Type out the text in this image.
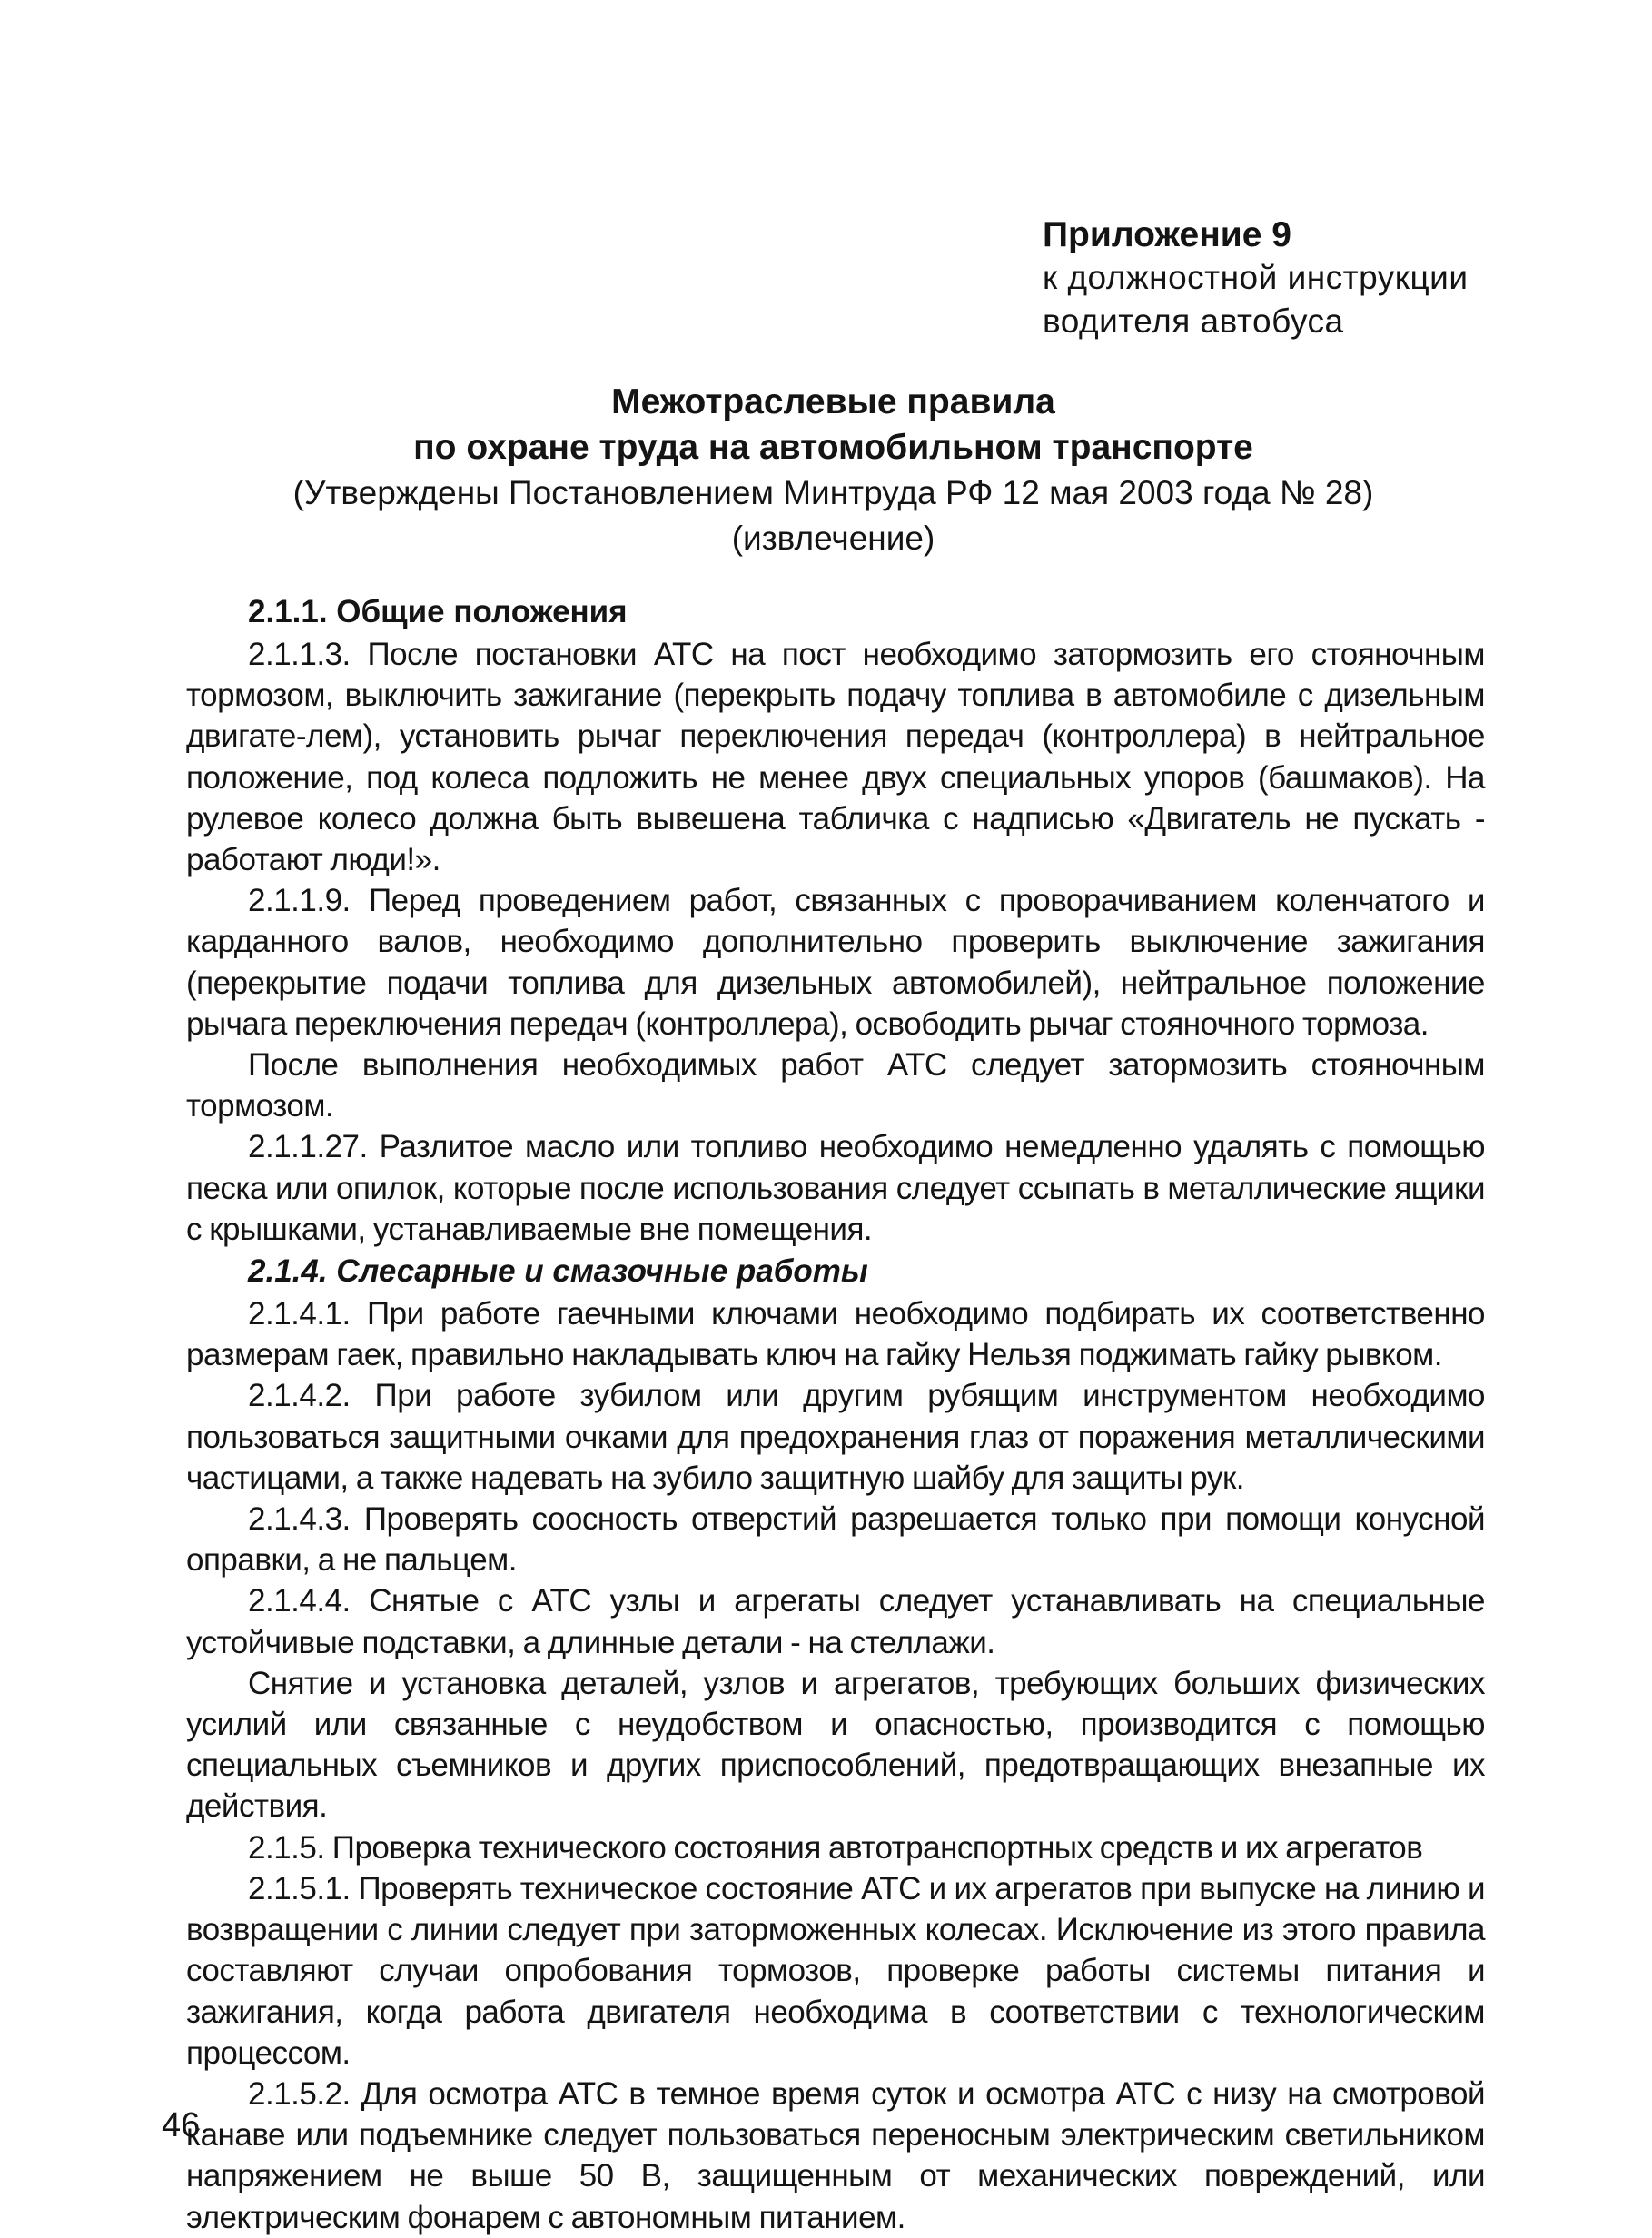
Приложение 9
к должностной инструкции
водителя автобуса
Межотраслевые правила
по охране труда на автомобильном транспорте
(Утверждены Постановлением Минтруда РФ 12 мая 2003 года № 28)
(извлечение)
2.1.1. Общие положения

2.1.1.3. После постановки АТС на пост необходимо затормозить его стояночным тормозом, выключить зажигание (перекрыть подачу топлива в автомобиле с дизельным двигате-лем), установить рычаг переключения передач (контроллера) в нейтральное положение, под колеса подложить не менее двух специальных упоров (башмаков). На рулевое колесо должна быть вывешена табличка с надписью «Двигатель не пускать - работают люди!».

2.1.1.9. Перед проведением работ, связанных с проворачиванием коленчатого и карданного валов, необходимо дополнительно проверить выключение зажигания (перекрытие подачи топлива для дизельных автомобилей), нейтральное положение рычага переключения передач (контроллера), освободить рычаг стояночного тормоза.

После выполнения необходимых работ АТС следует затормозить стояночным тормозом.

2.1.1.27. Разлитое масло или топливо необходимо немедленно удалять с помощью песка или опилок, которые после использования следует ссыпать в металлические ящики с крышками, устанавливаемые вне помещения.

2.1.4. Слесарные и смазочные работы

2.1.4.1. При работе гаечными ключами необходимо подбирать их соответственно размерам гаек, правильно накладывать ключ на гайку Нельзя поджимать гайку рывком.

2.1.4.2. При работе зубилом или другим рубящим инструментом необходимо пользоваться защитными очками для предохранения глаз от поражения металлическими частицами, а также надевать на зубило защитную шайбу для защиты рук.

2.1.4.3. Проверять соосность отверстий разрешается только при помощи конусной оправки, а не пальцем.

2.1.4.4. Снятые с АТС узлы и агрегаты следует устанавливать на специальные устойчивые подставки, а длинные детали - на стеллажи.

Снятие и установка деталей, узлов и агрегатов, требующих больших физических усилий или связанные с неудобством и опасностью, производится с помощью специальных съемников и других приспособлений, предотвращающих внезапные их действия.

2.1.5. Проверка технического состояния автотранспортных средств и их агрегатов

2.1.5.1. Проверять техническое состояние АТС и их агрегатов при выпуске на линию и возвращении с линии следует при заторможенных колесах. Исключение из этого правила составляют случаи опробования тормозов, проверке работы системы питания и зажигания, когда работа двигателя необходима в соответствии с технологическим процессом.

2.1.5.2. Для осмотра АТС в темное время суток и осмотра АТС с низу на смотровой канаве или подъемнике следует пользоваться переносным электрическим светильником напряжением не выше 50 В, защищенным от механических повреждений, или электрическим фонарем с автономным питанием.

46
